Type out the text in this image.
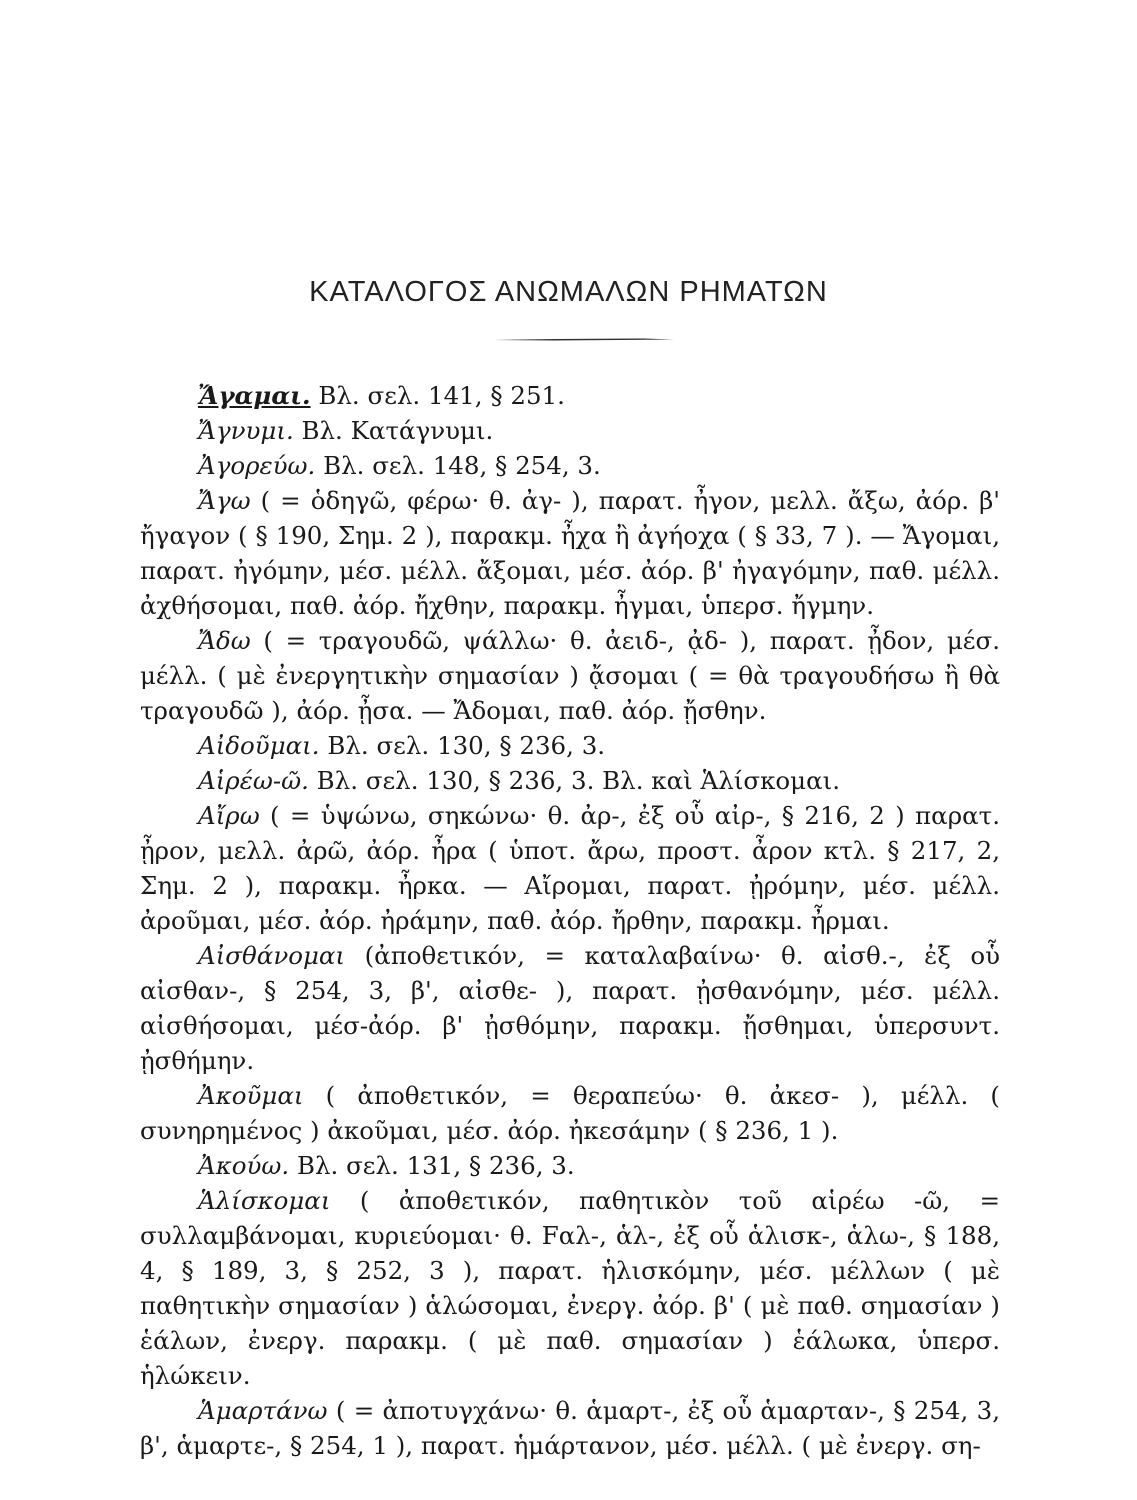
ΚΑΤΑΛΟΓΟΣ ΑΝΩΜΑΛΩΝ ΡΗΜΑΤΩΝ

Ἄγαμαι. Βλ. σελ. 141, § 251.

Ἄγνυμι. Βλ. Κατάγνυμι.

Ἀγορεύω. Βλ. σελ. 148, § 254, 3.

Ἄγω ( = ὁδηγῶ, φέρω· θ. ἀγ- ), παρατ. ἦγον, μελλ. ἄξω, ἀόρ. β' ἤγαγον ( § 190, Σημ. 2 ), παρακμ. ἦχα ἢ ἀγήοχα ( § 33, 7 ). — Ἄγομαι, παρατ. ἠγόμην, μέσ. μέλλ. ἄξομαι, μέσ. ἀόρ. β' ἠγαγόμην, παθ. μέλλ. ἀχθήσομαι, παθ. ἀόρ. ἤχθην, παρακμ. ἦγμαι, ὑπερσ. ἤγμην.

Ἄδω ( = τραγουδῶ, ψάλλω· θ. ἀειδ-, ᾀδ- ), παρατ. ᾖδον, μέσ. μέλλ. ( μὲ ἐνεργητικὴν σημασίαν ) ᾄσομαι ( = θὰ τραγουδήσω ἢ θὰ τραγουδῶ ), ἀόρ. ᾖσα. — Ἄδομαι, παθ. ἀόρ. ᾔσθην.

Αἰδοῦμαι. Βλ. σελ. 130, § 236, 3.

Αἱρέω-ῶ. Βλ. σελ. 130, § 236, 3. Βλ. καὶ Ἁλίσκομαι.

Αἴρω ( = ὑψώνω, σηκώνω· θ. ἀρ-, ἐξ οὗ αἰρ-, § 216, 2 ) παρατ. ᾖρον, μελλ. ἀρῶ, ἀόρ. ἦρα ( ὑποτ. ἄρω, προστ. ἆρον κτλ. § 217, 2, Σημ. 2 ), παρακμ. ἦρκα. — Αἴρομαι, παρατ. ᾐρόμην, μέσ. μέλλ. ἀροῦμαι, μέσ. ἀόρ. ἠράμην, παθ. ἀόρ. ἤρθην, παρακμ. ἦρμαι.

Αἰσθάνομαι (ἀποθετικόν, = καταλαβαίνω· θ. αἰσθ.-, ἐξ οὗ αἰσθαν-, § 254, 3, β', αἰσθε- ), παρατ. ᾐσθανόμην, μέσ. μέλλ. αἰσθήσομαι, μέσ-ἀόρ. β' ᾐσθόμην, παρακμ. ᾔσθημαι, ὑπερσυντ. ᾐσθήμην.

Ἀκοῦμαι ( ἀποθετικόν, = θεραπεύω· θ. ἀκεσ- ), μέλλ. ( συνηρημένος ) ἀκοῦμαι, μέσ. ἀόρ. ἠκεσάμην ( § 236, 1 ).

Ἀκούω. Βλ. σελ. 131, § 236, 3.

Ἁλίσκομαι ( ἀποθετικόν, παθητικὸν τοῦ αἱρέω -ῶ, = συλλαμβάνομαι, κυριεύομαι· θ. Fαλ-, ἁλ-, ἐξ οὗ ἁλισκ-, ἁλω-, § 188, 4, § 189, 3, § 252, 3 ), παρατ. ἡλισκόμην, μέσ. μέλλων ( μὲ παθητικὴν σημασίαν ) ἁλώσομαι, ἐνεργ. ἀόρ. β' ( μὲ παθ. σημασίαν ) ἑάλων, ἐνεργ. παρακμ. ( μὲ παθ. σημασίαν ) ἑάλωκα, ὑπερσ. ἡλώκειν.

Ἁμαρτάνω ( = ἀποτυγχάνω· θ. ἁμαρτ-, ἐξ οὗ ἁμαρταν-, § 254, 3, β', ἁμαρτε-, § 254, 1 ), παρατ. ἡμάρτανον, μέσ. μέλλ. ( μὲ ἐνεργ. ση-
